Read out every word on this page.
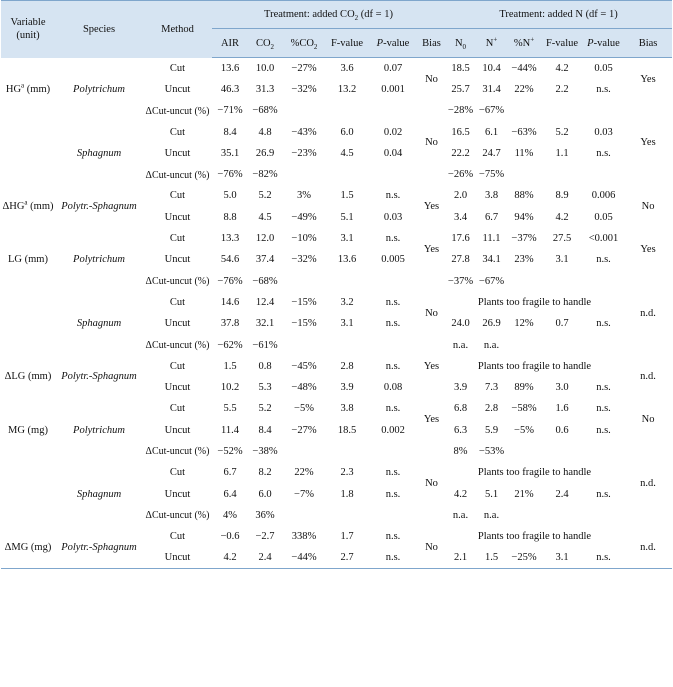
Variable
(unit)	Species	Method	Treatment: added $CO_2$ (df = 1)						Treatment: added N (df = 1)					
			AIR	$CO_2$	$\%CO_2$	F-value	P-value	Bias	$N_0$	N+	%N+	F-value	P-value	Bias
$HG^a$ (mm)	Polytrichum	Cut	13.6	10.0	−27%	3.6	0.07	No	18.5	10.4	−44%	4.2	0.05	Yes
		Uncut	46.3	31.3	−32%	13.2	0.001		25.7	31.4	22%	2.2	n.s.	
		ΔCut-uncut (%)	−71%	−68%					−28%	−67%				
	Sphagnum	Cut	8.4	4.8	−43%	6.0	0.02	No	16.5	6.1	−63%	5.2	0.03	Yes
		Uncut	35.1	26.9	−23%	4.5	0.04		22.2	24.7	11%	1.1	n.s.	
		ΔCut-uncut (%)	−76%	−82%					−26%	−75%				
ΔHG$^a$ (mm)	Polytr.-Sphagnum	Cut	5.0	5.2	3%	1.5	n.s.	Yes	2.0	3.8	88%	8.9	0.006	No
		Uncut	8.8	4.5	−49%	5.1	0.03		3.4	6.7	94%	4.2	0.05	
LG (mm)	Polytrichum	Cut	13.3	12.0	−10%	3.1	n.s.	Yes	17.6	11.1	−37%	27.5	<0.001	Yes
		Uncut	54.6	37.4	−32%	13.6	0.005		27.8	34.1	23%	3.1	n.s.	
		ΔCut-uncut (%)	−76%	−68%					−37%	−67%				
	Sphagnum	Cut	14.6	12.4	−15%	3.2	n.s.	No	Plants too fragile to handle					n.d.
		Uncut	37.8	32.1	−15%	3.1	n.s.		24.0	26.9	12%	0.7	n.s.	
		ΔCut-uncut (%)	−62%	−61%					n.a.	n.a.				
ΔLG (mm)	Polytr.-Sphagnum	Cut	1.5	0.8	−45%	2.8	n.s.	Yes	Plants too fragile to handle					n.d.
		Uncut	10.2	5.3	−48%	3.9	0.08		3.9	7.3	89%	3.0	n.s.	
MG (mg)	Polytrichum	Cut	5.5	5.2	−5%	3.8	n.s.	Yes	6.8	2.8	−58%	1.6	n.s.	No
		Uncut	11.4	8.4	−27%	18.5	0.002		6.3	5.9	−5%	0.6	n.s.	
		ΔCut-uncut (%)	−52%	−38%					8%	−53%				
	Sphagnum	Cut	6.7	8.2	22%	2.3	n.s.	No	Plants too fragile to handle					n.d.
		Uncut	6.4	6.0	−7%	1.8	n.s.		4.2	5.1	21%	2.4	n.s.	
		ΔCut-uncut (%)	4%	36%					n.a.	n.a.				
ΔMG (mg)	Polytr.-Sphagnum	Cut	−0.6	−2.7	338%	1.7	n.s.	No	Plants too fragile to handle					n.d.
		Uncut	4.2	2.4	−44%	2.7	n.s.		2.1	1.5	−25%	3.1	n.s.	
